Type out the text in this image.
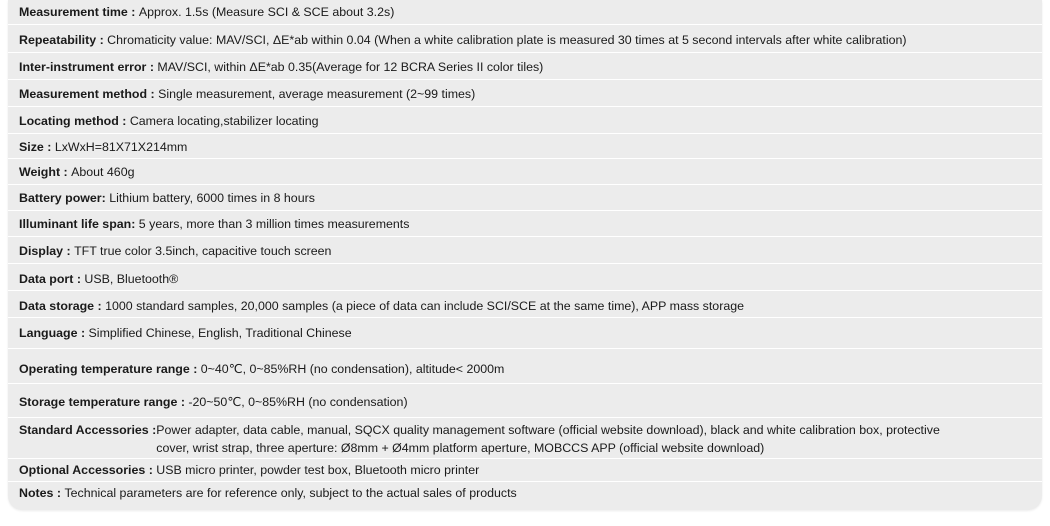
Measurement time : Approx. 1.5s (Measure SCI & SCE about 3.2s)
Repeatability : Chromaticity value: MAV/SCI, ΔE*ab within 0.04 (When a white calibration plate is measured 30 times at 5 second intervals after white calibration)
Inter-instrument error : MAV/SCI, within ΔE*ab 0.35(Average for 12 BCRA Series II color tiles)
Measurement method : Single measurement, average measurement (2~99 times)
Locating method : Camera locating,stabilizer locating
Size : LxWxH=81X71X214mm
Weight : About 460g
Battery power: Lithium battery, 6000 times in 8 hours
Illuminant life span: 5 years, more than 3 million times measurements
Display : TFT true color 3.5inch, capacitive touch screen
Data port : USB, Bluetooth®
Data storage : 1000 standard samples, 20,000 samples (a piece of data can include SCI/SCE at the same time), APP mass storage
Language : Simplified Chinese, English, Traditional Chinese
Operating temperature range : 0~40℃, 0~85%RH (no condensation), altitude< 2000m
Storage temperature range : -20~50℃, 0~85%RH (no condensation)
Standard Accessories : Power adapter, data cable, manual, SQCX quality management software (official website download), black and white calibration box, protective
cover, wrist strap, three aperture: Ø8mm + Ø4mm platform aperture, MOBCCS APP (official website download)
Optional Accessories : USB micro printer, powder test box, Bluetooth micro printer
Notes : Technical parameters are for reference only, subject to the actual sales of products
